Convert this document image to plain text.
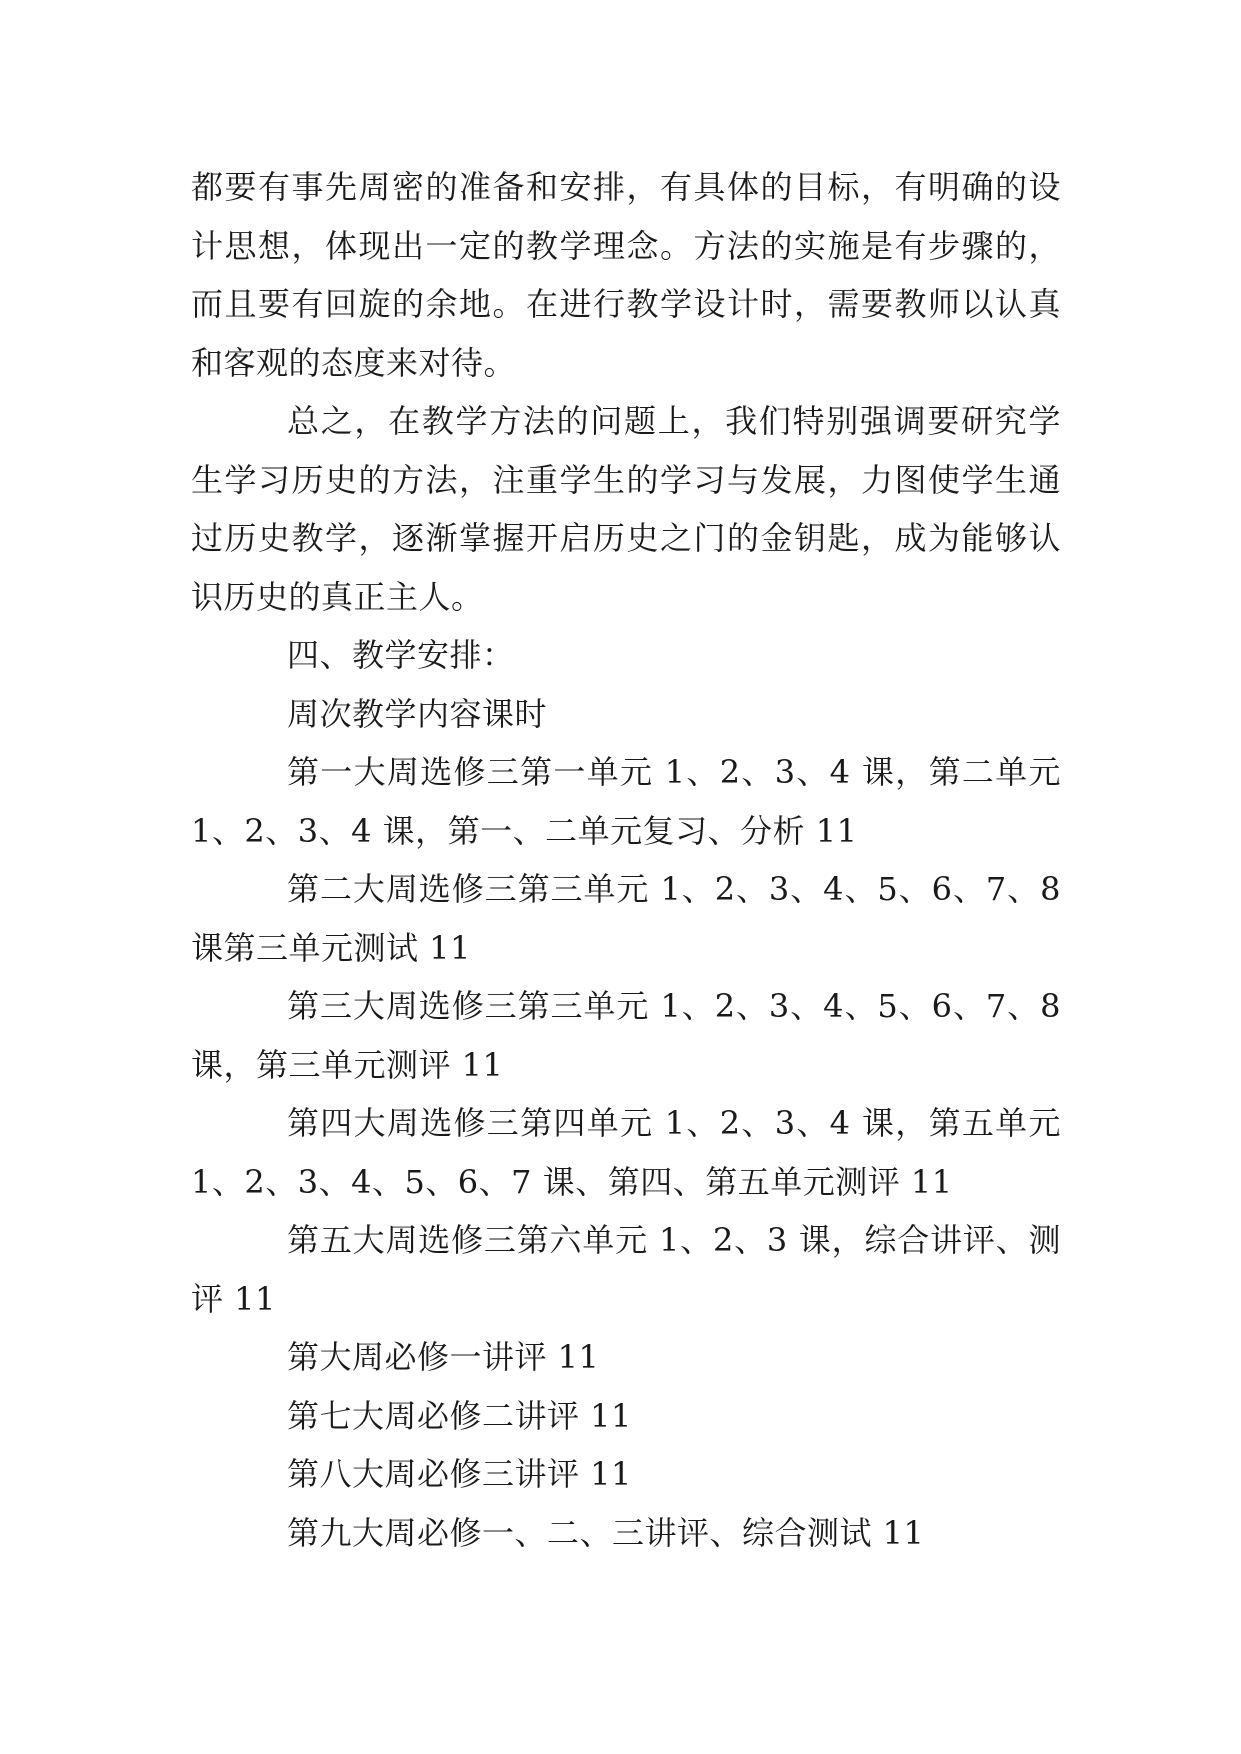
都要有事先周密的准备和安排，有具体的目标，有明确的设
计思想，体现出一定的教学理念。方法的实施是有步骤的，
而且要有回旋的余地。在进行教学设计时，需要教师以认真
和客观的态度来对待。

总之，在教学方法的问题上，我们特别强调要研究学
生学习历史的方法，注重学生的学习与发展，力图使学生通
过历史教学，逐渐掌握开启历史之门的金钥匙，成为能够认
识历史的真正主人。

四、教学安排：

周次教学内容课时

第一大周选修三第一单元 1、2、3、4 课，第二单元
1、2、3、4 课，第一、二单元复习、分析 11

第二大周选修三第三单元 1、2、3、4、5、6、7、8
课第三单元测试 11

第三大周选修三第三单元 1、2、3、4、5、6、7、8
课，第三单元测评 11

第四大周选修三第四单元 1、2、3、4 课，第五单元
1、2、3、4、5、6、7 课、第四、第五单元测评 11

第五大周选修三第六单元 1、2、3 课，综合讲评、测
评 11

第大周必修一讲评 11

第七大周必修二讲评 11

第八大周必修三讲评 11

第九大周必修一、二、三讲评、综合测试 11
